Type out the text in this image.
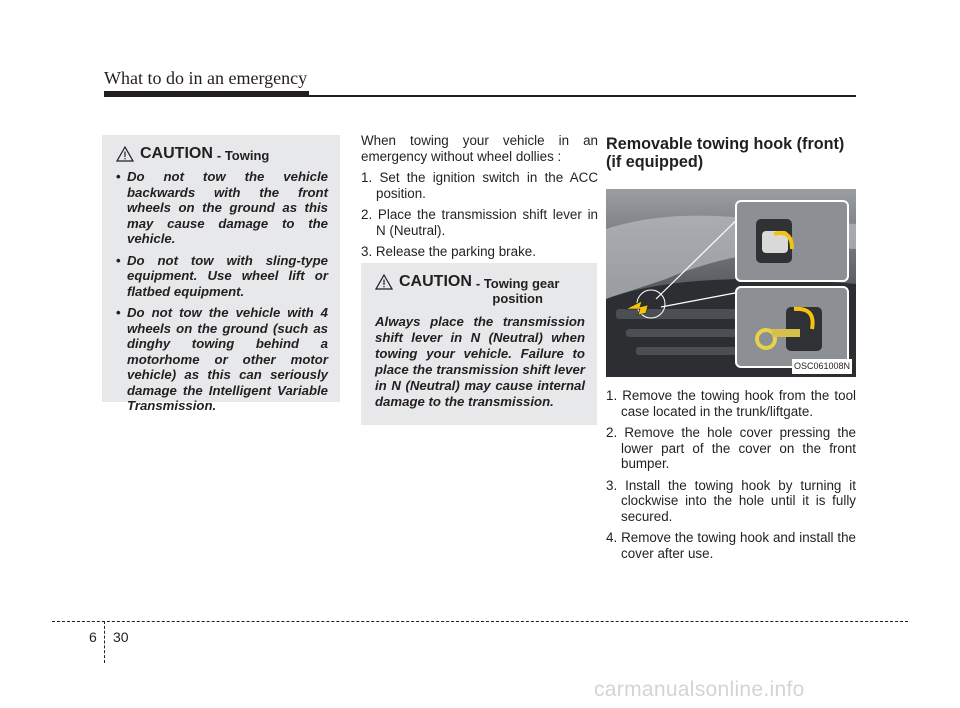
What to do in an emergency
CAUTION - Towing
• Do not tow the vehicle backwards with the front wheels on the ground as this may cause damage to the vehicle.
• Do not tow with sling-type equipment. Use wheel lift or flatbed equipment.
• Do not tow the vehicle with 4 wheels on the ground (such as dinghy towing behind a motorhome or other motor vehicle) as this can seriously damage the Intelligent Variable Transmission.

When towing your vehicle in an emergency without wheel dollies :

1. Set the ignition switch in the ACC position.
2. Place the transmission shift lever in N (Neutral).
3. Release the parking brake.
CAUTION - Towing gear
position

Always place the transmission shift lever in N (Neutral) when towing your vehicle. Failure to place the transmission shift lever in N (Neutral) may cause internal damage to the transmission.

Removable towing hook (front) (if equipped)
OSC061008N
1. Remove the towing hook from the tool case located in the trunk/liftgate.
2. Remove the hole cover pressing the lower part of the cover on the front bumper.
3. Install the towing hook by turning it clockwise into the hole until it is fully secured.
4. Remove the towing hook and install the cover after use.
6 30
carmanualsonline.info
